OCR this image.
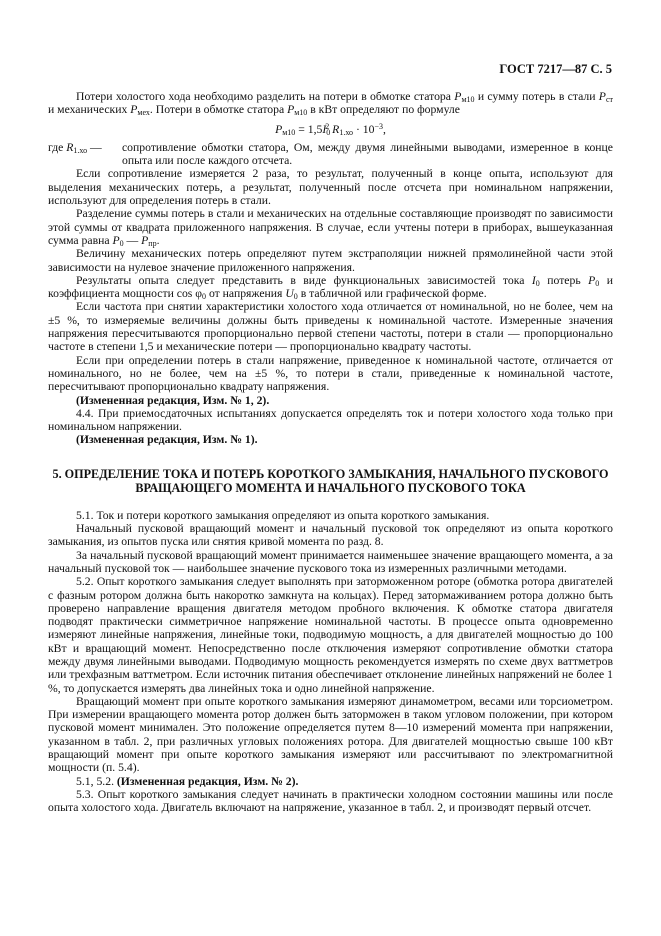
ГОСТ 7217—87 С. 5

Потери холостого хода необходимо разделить на потери в обмотке статора $P_{м10}$ и сумму потерь в стали $P_{ст}$ и механических $P_{мех}$. Потери в обмотке статора $P_{м10}$ в кВт определяют по формуле

$P_{м10} = 1,5I_0^2$ $R_{1.хо} \cdot 10^{-3}$,

где $R_{1.хо}$ — сопротивление обмотки статора, Ом, между двумя линейными выводами, измеренное в конце опыта или после каждого отсчета.

Если сопротивление измеряется 2 раза, то результат, полученный в конце опыта, используют для выделения механических потерь, а результат, полученный после отсчета при номинальном напряжении, используют для определения потерь в стали.

Разделение суммы потерь в стали и механических на отдельные составляющие производят по зависимости этой суммы от квадрата приложенного напряжения. В случае, если учтены потери в приборах, вышеуказанная сумма равна $P_0$ — $P_{пр}$.

Величину механических потерь определяют путем экстраполяции нижней прямолинейной части этой зависимости на нулевое значение приложенного напряжения.

Результаты опыта следует представить в виде функциональных зависимостей тока $I_0$ потерь $P_0$ и коэффициента мощности $\cos \varphi_0$ от напряжения $U_0$ в табличной или графической форме.

Если частота при снятии характеристики холостого хода отличается от номинальной, но не более, чем на ±5 %, то измеряемые величины должны быть приведены к номинальной частоте. Измеренные значения напряжения пересчитываются пропорционально первой степени частоты, потери в стали — пропорционально частоте в степени 1,5 и механические потери — пропорционально квадрату частоты.

Если при определении потерь в стали напряжение, приведенное к номинальной частоте, отличается от номинального, но не более, чем на ±5 %, то потери в стали, приведенные к номинальной частоте, пересчитывают пропорционально квадрату напряжения.

(Измененная редакция, Изм. № 1, 2).

4.4. При приемосдаточных испытаниях допускается определять ток и потери холостого хода только при номинальном напряжении.

(Измененная редакция, Изм. № 1).

5. ОПРЕДЕЛЕНИЕ ТОКА И ПОТЕРЬ КОРОТКОГО ЗАМЫКАНИЯ, НАЧАЛЬНОГО ПУСКОВОГО ВРАЩАЮЩЕГО МОМЕНТА И НАЧАЛЬНОГО ПУСКОВОГО ТОКА

5.1. Ток и потери короткого замыкания определяют из опыта короткого замыкания.

Начальный пусковой вращающий момент и начальный пусковой ток определяют из опыта короткого замыкания, из опытов пуска или снятия кривой момента по разд. 8.

За начальный пусковой вращающий момент принимается наименьшее значение вращающего момента, а за начальный пусковой ток — наибольшее значение пускового тока из измеренных различными методами.

5.2. Опыт короткого замыкания следует выполнять при заторможенном роторе (обмотка ротора двигателей с фазным ротором должна быть накоротко замкнута на кольцах). Перед затормаживанием ротора должно быть проверено направление вращения двигателя методом пробного включения. К обмотке статора двигателя подводят практически симметричное напряжение номинальной частоты. В процессе опыта одновременно измеряют линейные напряжения, линейные токи, подводимую мощность, а для двигателей мощностью до 100 кВт и вращающий момент. Непосредственно после отключения измеряют сопротивление обмотки статора между двумя линейными выводами. Подводимую мощность рекомендуется измерять по схеме двух ваттметров или трехфазным ваттметром. Если источник питания обеспечивает отклонение линейных напряжений не более 1 %, то допускается измерять два линейных тока и одно линейной напряжение.

Вращающий момент при опыте короткого замыкания измеряют динамометром, весами или торсиометром. При измерении вращающего момента ротор должен быть заторможен в таком угловом положении, при котором пусковой момент минимален. Это положение определяется путем 8—10 измерений момента при напряжении, указанном в табл. 2, при различных угловых положениях ротора. Для двигателей мощностью свыше 100 кВт вращающий момент при опыте короткого замыкания измеряют или рассчитывают по электромагнитной мощности (п. 5.4).

5.1, 5.2. (Измененная редакция, Изм. № 2).

5.3. Опыт короткого замыкания следует начинать в практически холодном состоянии машины или после опыта холостого хода. Двигатель включают на напряжение, указанное в табл. 2, и производят первый отсчет.
